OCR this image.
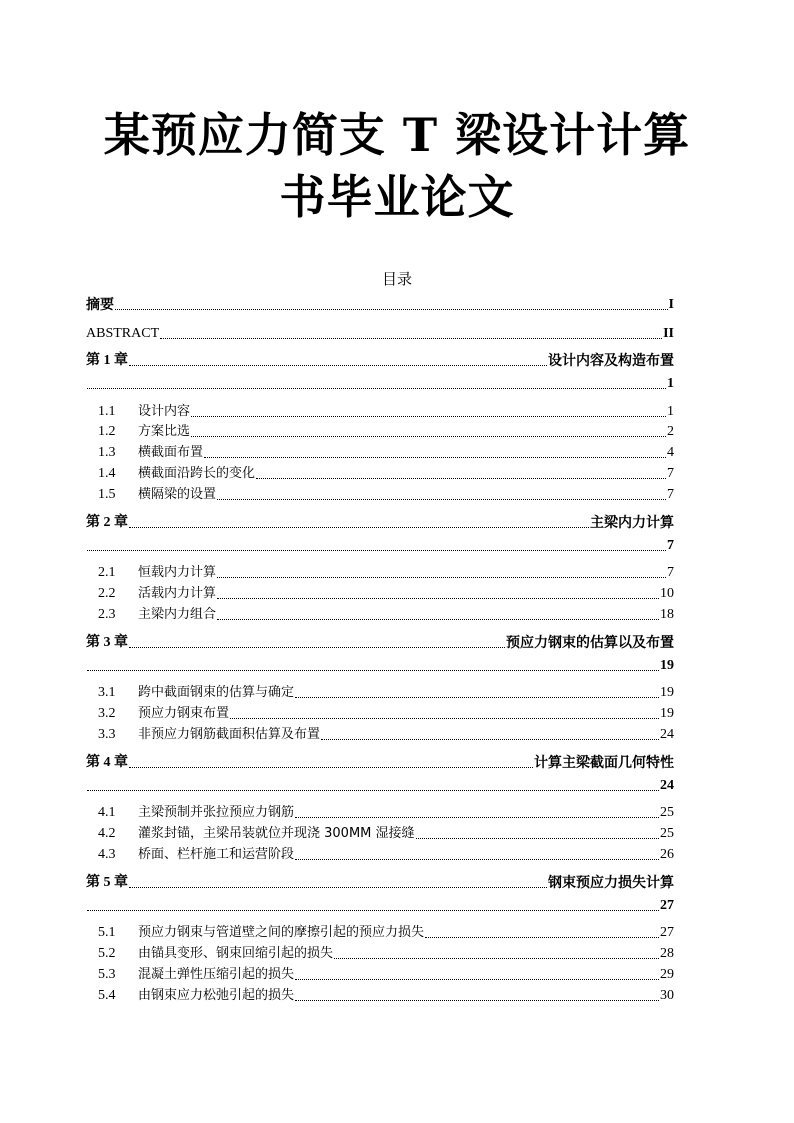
某预应力简支 T 梁设计计算
书毕业论文
目录
摘要	I
ABSTRACT	II
第 1 章	设计内容及构造布置
1
1.1 设计内容	1
1.2 方案比选	2
1.3 横截面布置	4
1.4 横截面沿跨长的变化	7
1.5 横隔梁的设置	7
第 2 章	主梁内力计算
7
2.1 恒载内力计算	7
2.2 活载内力计算	10
2.3 主梁内力组合	18
第 3 章	预应力钢束的估算以及布置
19
3.1 跨中截面钢束的估算与确定	19
3.2 预应力钢束布置	19
3.3 非预应力钢筋截面积估算及布置	24
第 4 章	计算主梁截面几何特性
24
4.1 主梁预制并张拉预应力钢筋	25
4.2 灌浆封锚，主梁吊装就位并现浇 300MM 湿接缝	25
4.3 桥面、栏杆施工和运营阶段	26
第 5 章	钢束预应力损失计算
27
5.1 预应力钢束与管道壁之间的摩擦引起的预应力损失	27
5.2 由锚具变形、钢束回缩引起的损失	28
5.3 混凝土弹性压缩引起的损失	29
5.4 由钢束应力松弛引起的损失	30
